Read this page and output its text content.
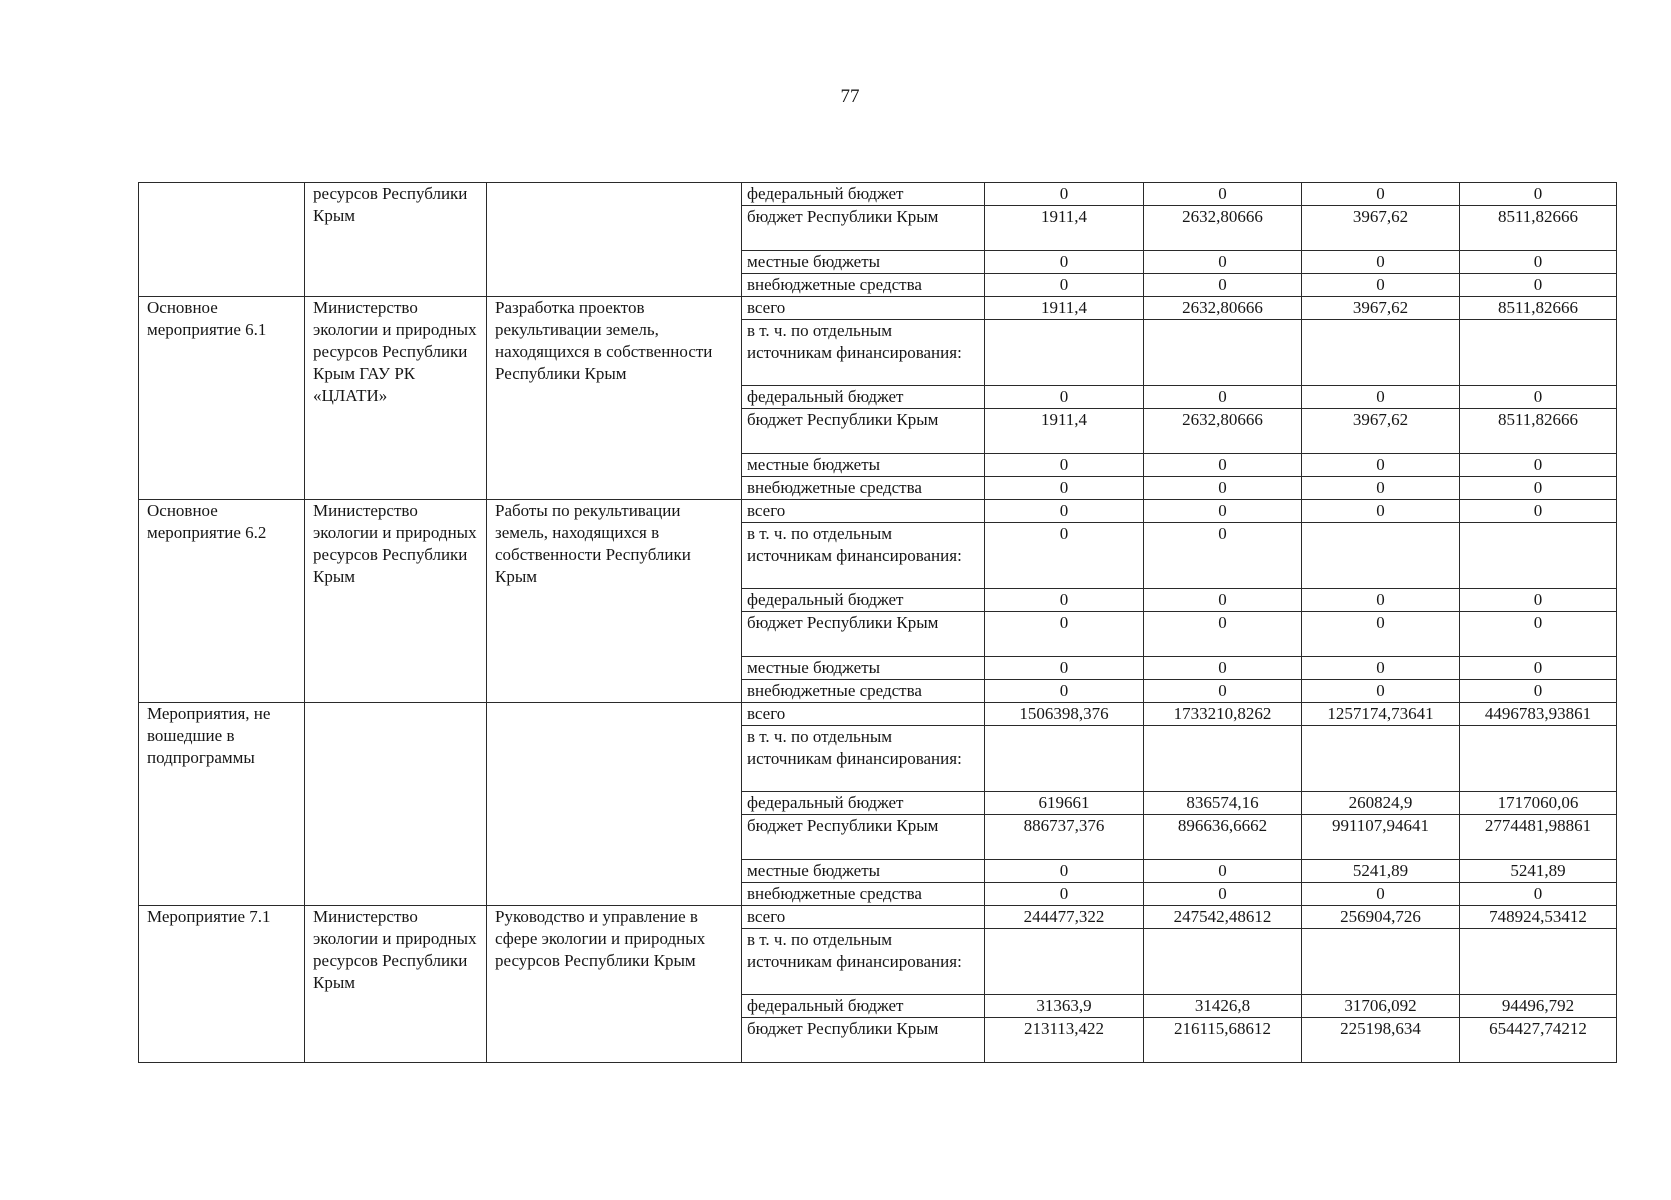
77
	ресурсов Республики Крым		федеральный бюджет	0	0	0	0
			бюджет Республики Крым	1911,4	2632,80666	3967,62	8511,82666
			местные бюджеты	0	0	0	0
			внебюджетные средства	0	0	0	0
Основное мероприятие 6.1	Министерство экологии и природных ресурсов Республики Крым ГАУ РК «ЦЛАТИ»	Разработка проектов рекультивации земель, находящихся в собственности Республики Крым	всего	1911,4	2632,80666	3967,62	8511,82666
			в т. ч. по отдельным источникам финансирования:				
			федеральный бюджет	0	0	0	0
			бюджет Республики Крым	1911,4	2632,80666	3967,62	8511,82666
			местные бюджеты	0	0	0	0
			внебюджетные средства	0	0	0	0
Основное мероприятие 6.2	Министерство экологии и природных ресурсов Республики Крым	Работы по рекультивации земель, находящихся в собственности Республики Крым	всего	0	0	0	0
			в т. ч. по отдельным источникам финансирования:	0	0		
			федеральный бюджет	0	0	0	0
			бюджет Республики Крым	0	0	0	0
			местные бюджеты	0	0	0	0
			внебюджетные средства	0	0	0	0
Мероприятия, не вошедшие в подпрограммы			всего	1506398,376	1733210,8262	1257174,73641	4496783,93861
			в т. ч. по отдельным источникам финансирования:				
			федеральный бюджет	619661	836574,16	260824,9	1717060,06
			бюджет Республики Крым	886737,376	896636,6662	991107,94641	2774481,98861
			местные бюджеты	0	0	5241,89	5241,89
			внебюджетные средства	0	0	0	0
Мероприятие 7.1	Министерство экологии и природных ресурсов Республики Крым	Руководство и управление в сфере экологии и природных ресурсов Республики Крым	всего	244477,322	247542,48612	256904,726	748924,53412
			в т. ч. по отдельным источникам финансирования:				
			федеральный бюджет	31363,9	31426,8	31706,092	94496,792
			бюджет Республики Крым	213113,422	216115,68612	225198,634	654427,74212
